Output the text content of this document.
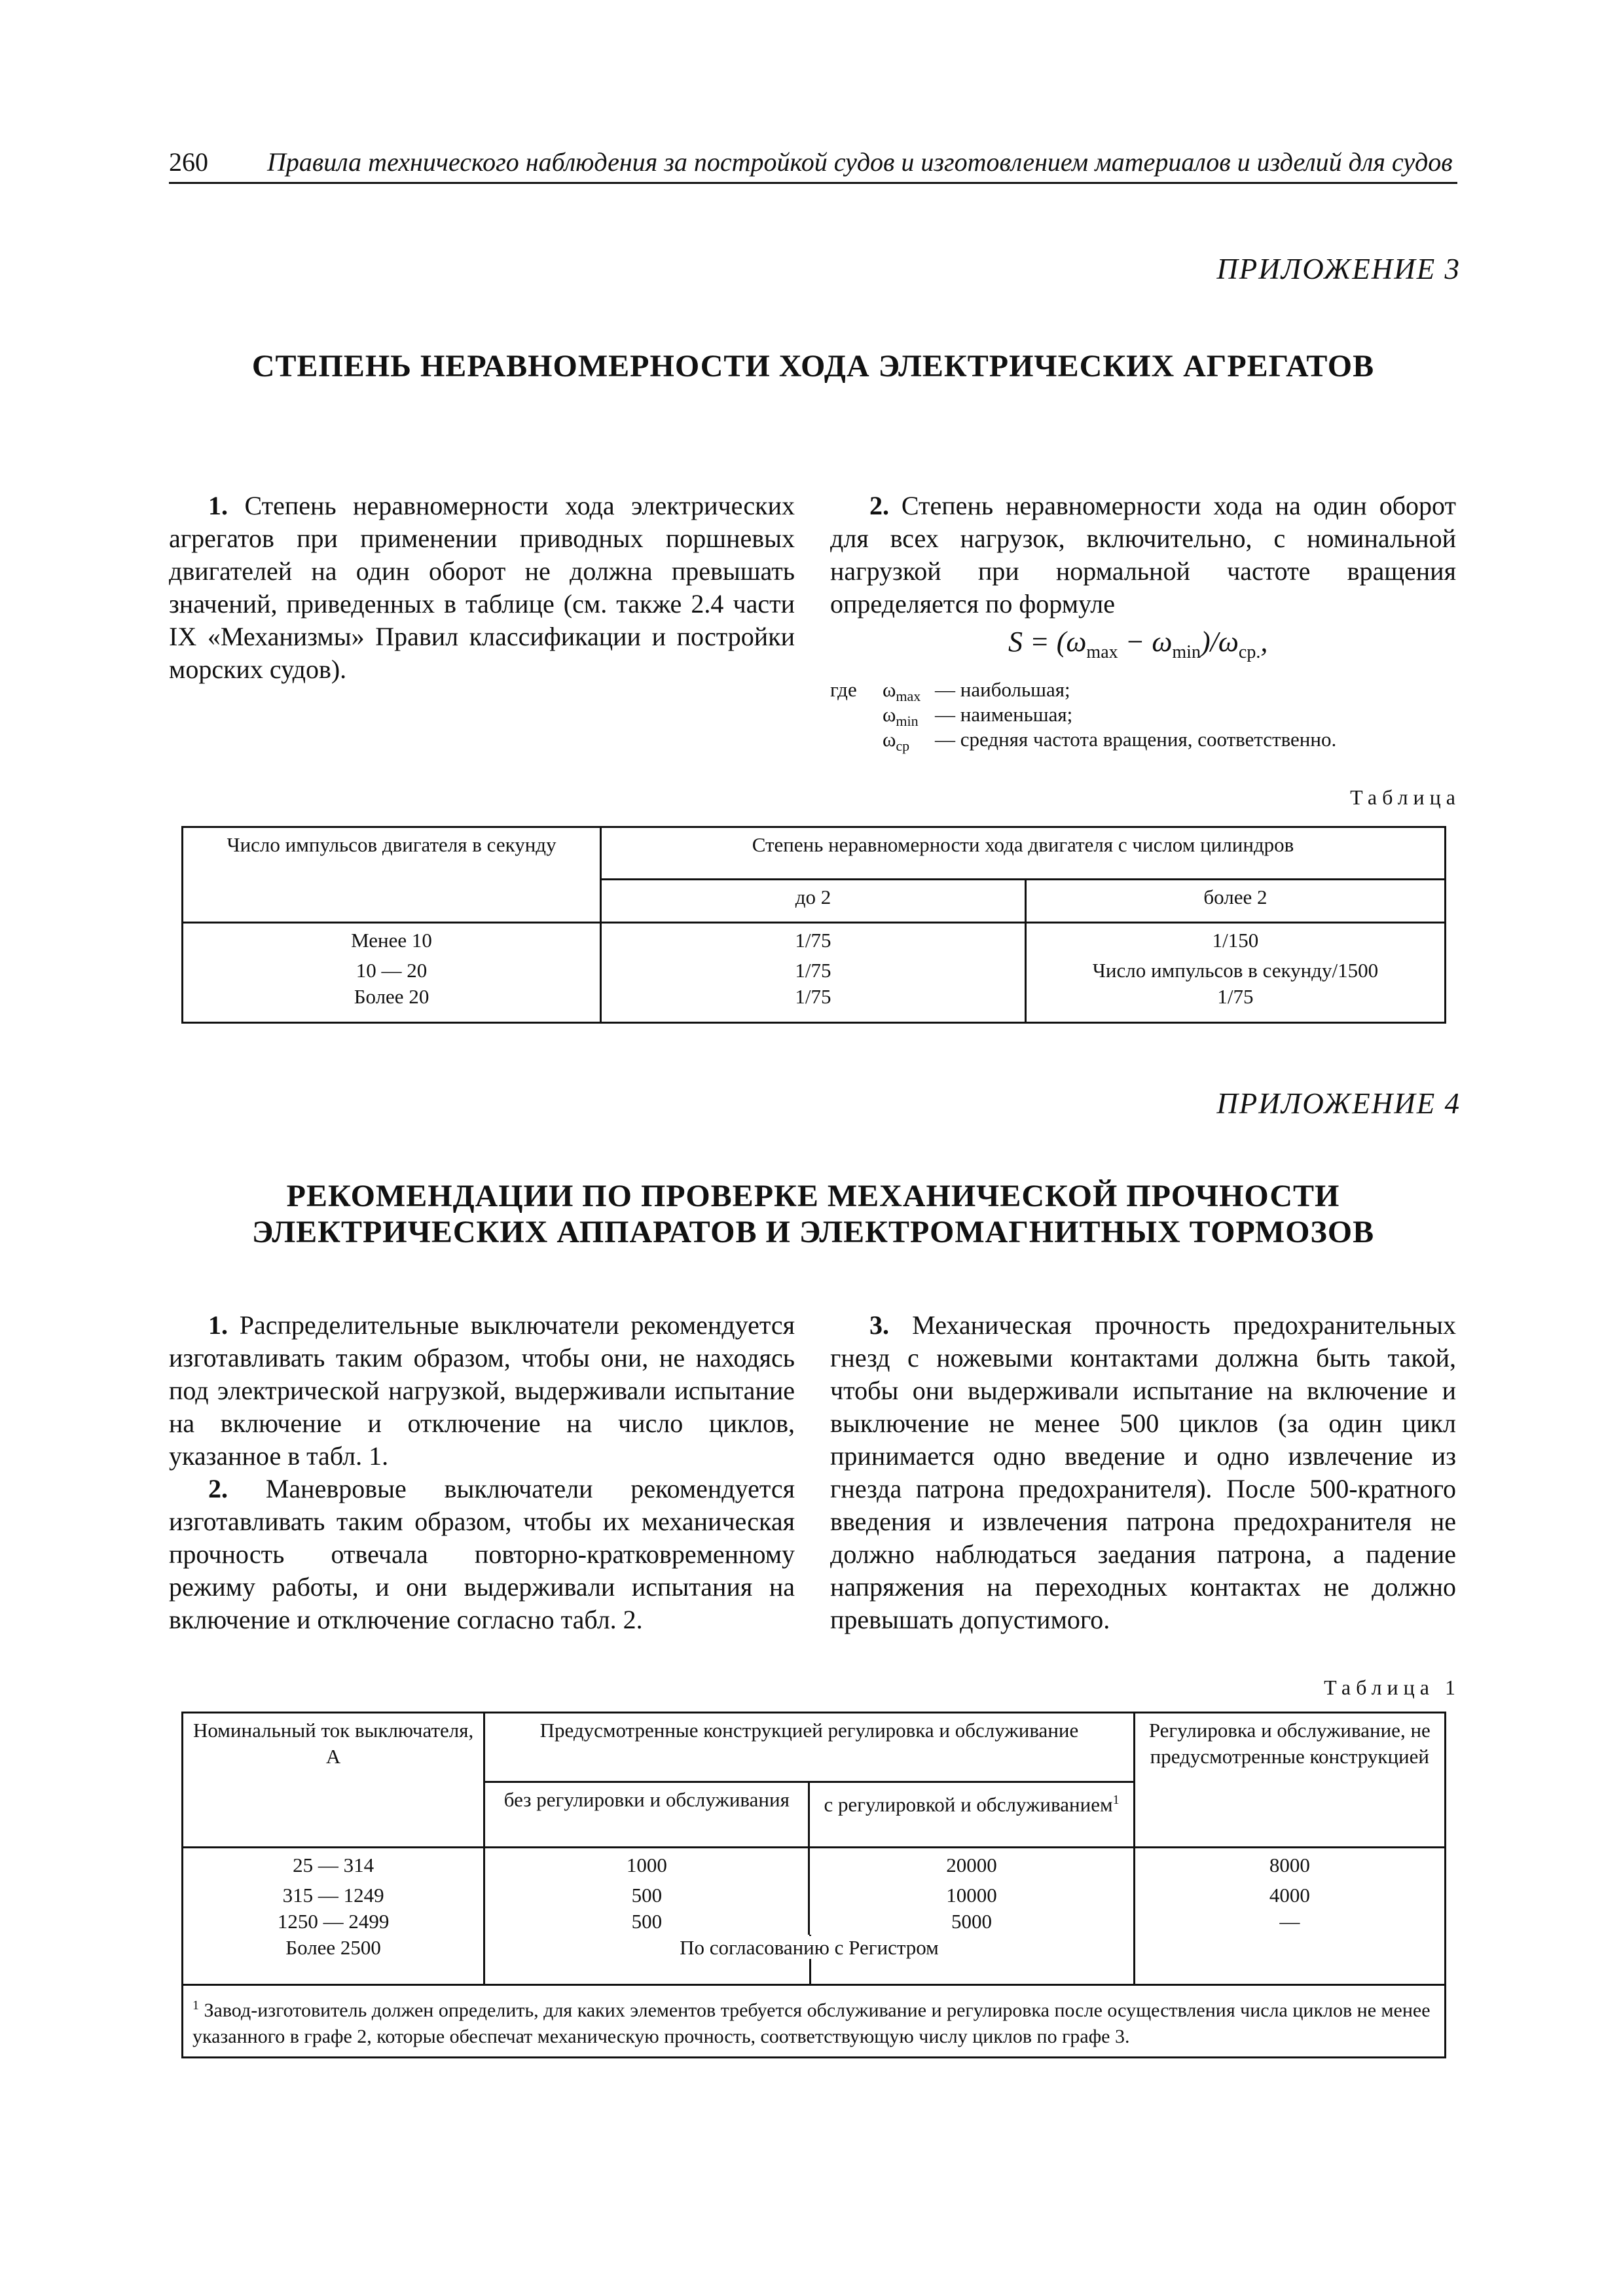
260 Правила технического наблюдения за постройкой судов и изготовлением материалов и изделий для судов
ПРИЛОЖЕНИЕ 3
СТЕПЕНЬ НЕРАВНОМЕРНОСТИ ХОДА ЭЛЕКТРИЧЕСКИХ АГРЕГАТОВ

1. Степень неравномерности хода электрических агрегатов при применении приводных поршневых двигателей на один оборот не должна превышать значений, приведенных в таблице (см. также 2.4 части IX «Механизмы» Правил классификации и постройки морских судов).

2. Степень неравномерности хода на один оборот для всех нагрузок, включительно, с номинальной нагрузкой при нормальной частоте вращения определяется по формуле

$S = (\omega_{max} - \omega_{min})/\omega_{ср.}$,
где $\omega_{max}$ — наибольшая;
$\omega_{min}$ — наименьшая;
$\omega_{ср}$ — средняя частота вращения, соответственно.
Таблица
Число импульсов двигателя в секунду	Степень неравномерности хода двигателя с числом цилиндров	
	до 2	более 2
Менее 10	1/75	1/150
10 — 20	1/75	Число импульсов в секунду/1500
Более 20	1/75	1/75
ПРИЛОЖЕНИЕ 4
РЕКОМЕНДАЦИИ ПО ПРОВЕРКЕ МЕХАНИЧЕСКОЙ ПРОЧНОСТИ
ЭЛЕКТРИЧЕСКИХ АППАРАТОВ И ЭЛЕКТРОМАГНИТНЫХ ТОРМОЗОВ

1. Распределительные выключатели рекомендуется изготавливать таким образом, чтобы они, не находясь под электрической нагрузкой, выдерживали испытание на включение и отключение на число циклов, указанное в табл. 1.

2. Маневровые выключатели рекомендуется изготавливать таким образом, чтобы их механическая прочность отвечала повторно-кратковременному режиму работы, и они выдерживали испытания на включение и отключение согласно табл. 2.

3. Механическая прочность предохранительных гнезд с ножевыми контактами должна быть такой, чтобы они выдерживали испытание на включение и выключение не менее 500 циклов (за один цикл принимается одно введение и одно извлечение из гнезда патрона предохранителя). После 500-кратного введения и извлечения патрона предохранителя не должно наблюдаться заедания патрона, а падение напряжения на переходных контактах не должно превышать допустимого.

Таблица 1
Номинальный ток выключателя, А	Предусмотренные конструкцией регулировка и обслуживание		Регулировка и обслуживание, не предусмотренные конструкцией
	без регулировки и обслуживания	с регулировкой и обслуживанием$^1$
25 — 314	1000	20000	8000
315 — 1249	500	10000	4000
1250 — 2499	500	5000	—
Более 2500	По согласованию с Регистром	

$^1$ Завод-изготовитель должен определить, для каких элементов требуется обслуживание и регулировка после осуществления числа циклов не менее указанного в графе 2, которые обеспечат механическую прочность, соответствующую числу циклов по графе 3.			
